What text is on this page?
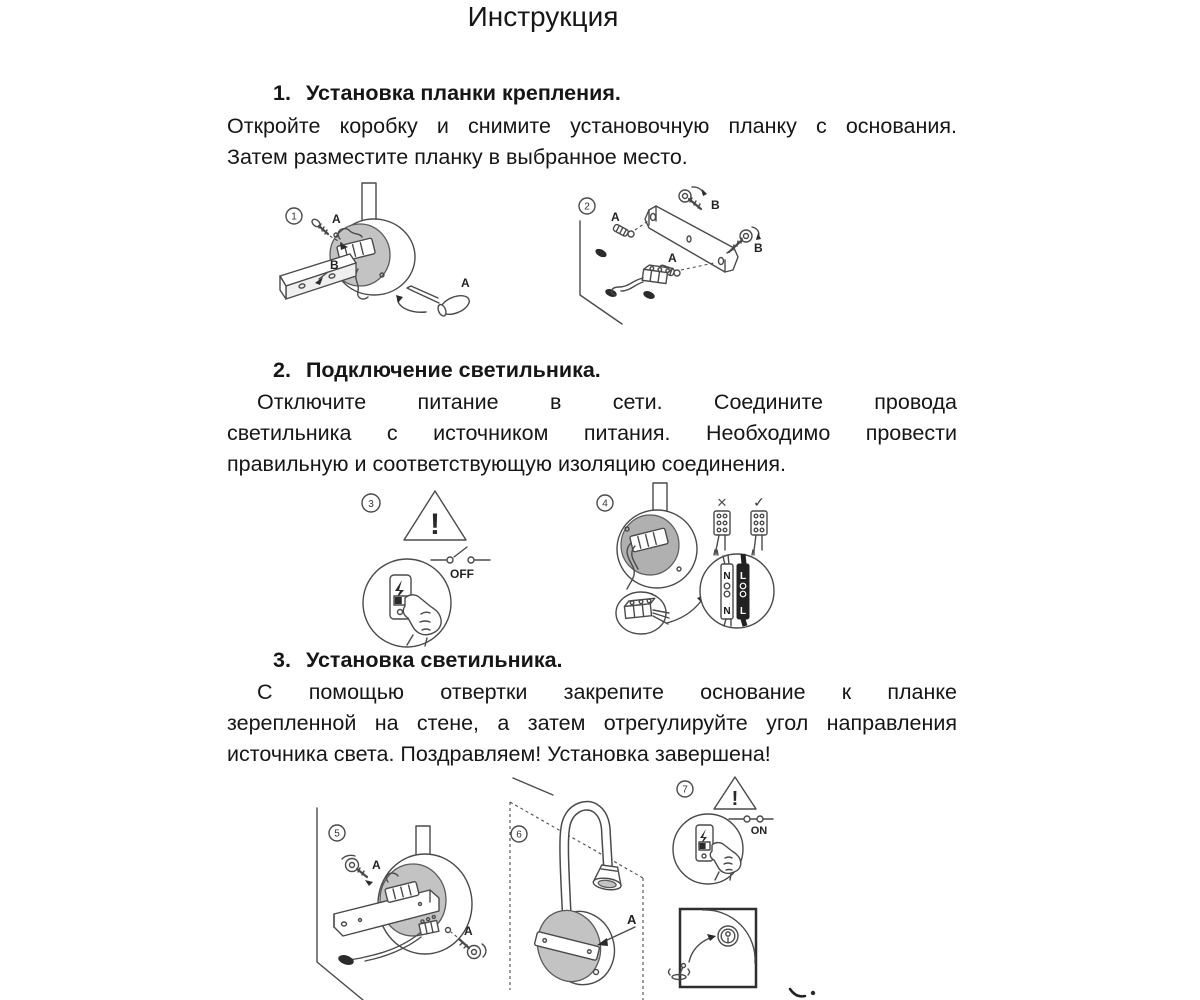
Инструкция
1. Установка планки крепления.
Откройте коробку и снимите установочную планку с основания.
Затем разместите планку в выбранное место.
1
B
A
A
2	B
B
A
A
2. Подключение светильника.
Отключите питание в сети. Соедините провода
светильника с источником питания. Необходимо провести
правильную и соответствующую изоляцию соединения.
3
!
OFF
4
N L
N L
✕ ✓
3. Установка светильника.
С помощью отвертки закрепите основание к планке
зерепленной на стене, а затем отрегулируйте угол направления
источника света. Поздравляем! Установка завершена!
5
A
A
6
A
7 !
ON
